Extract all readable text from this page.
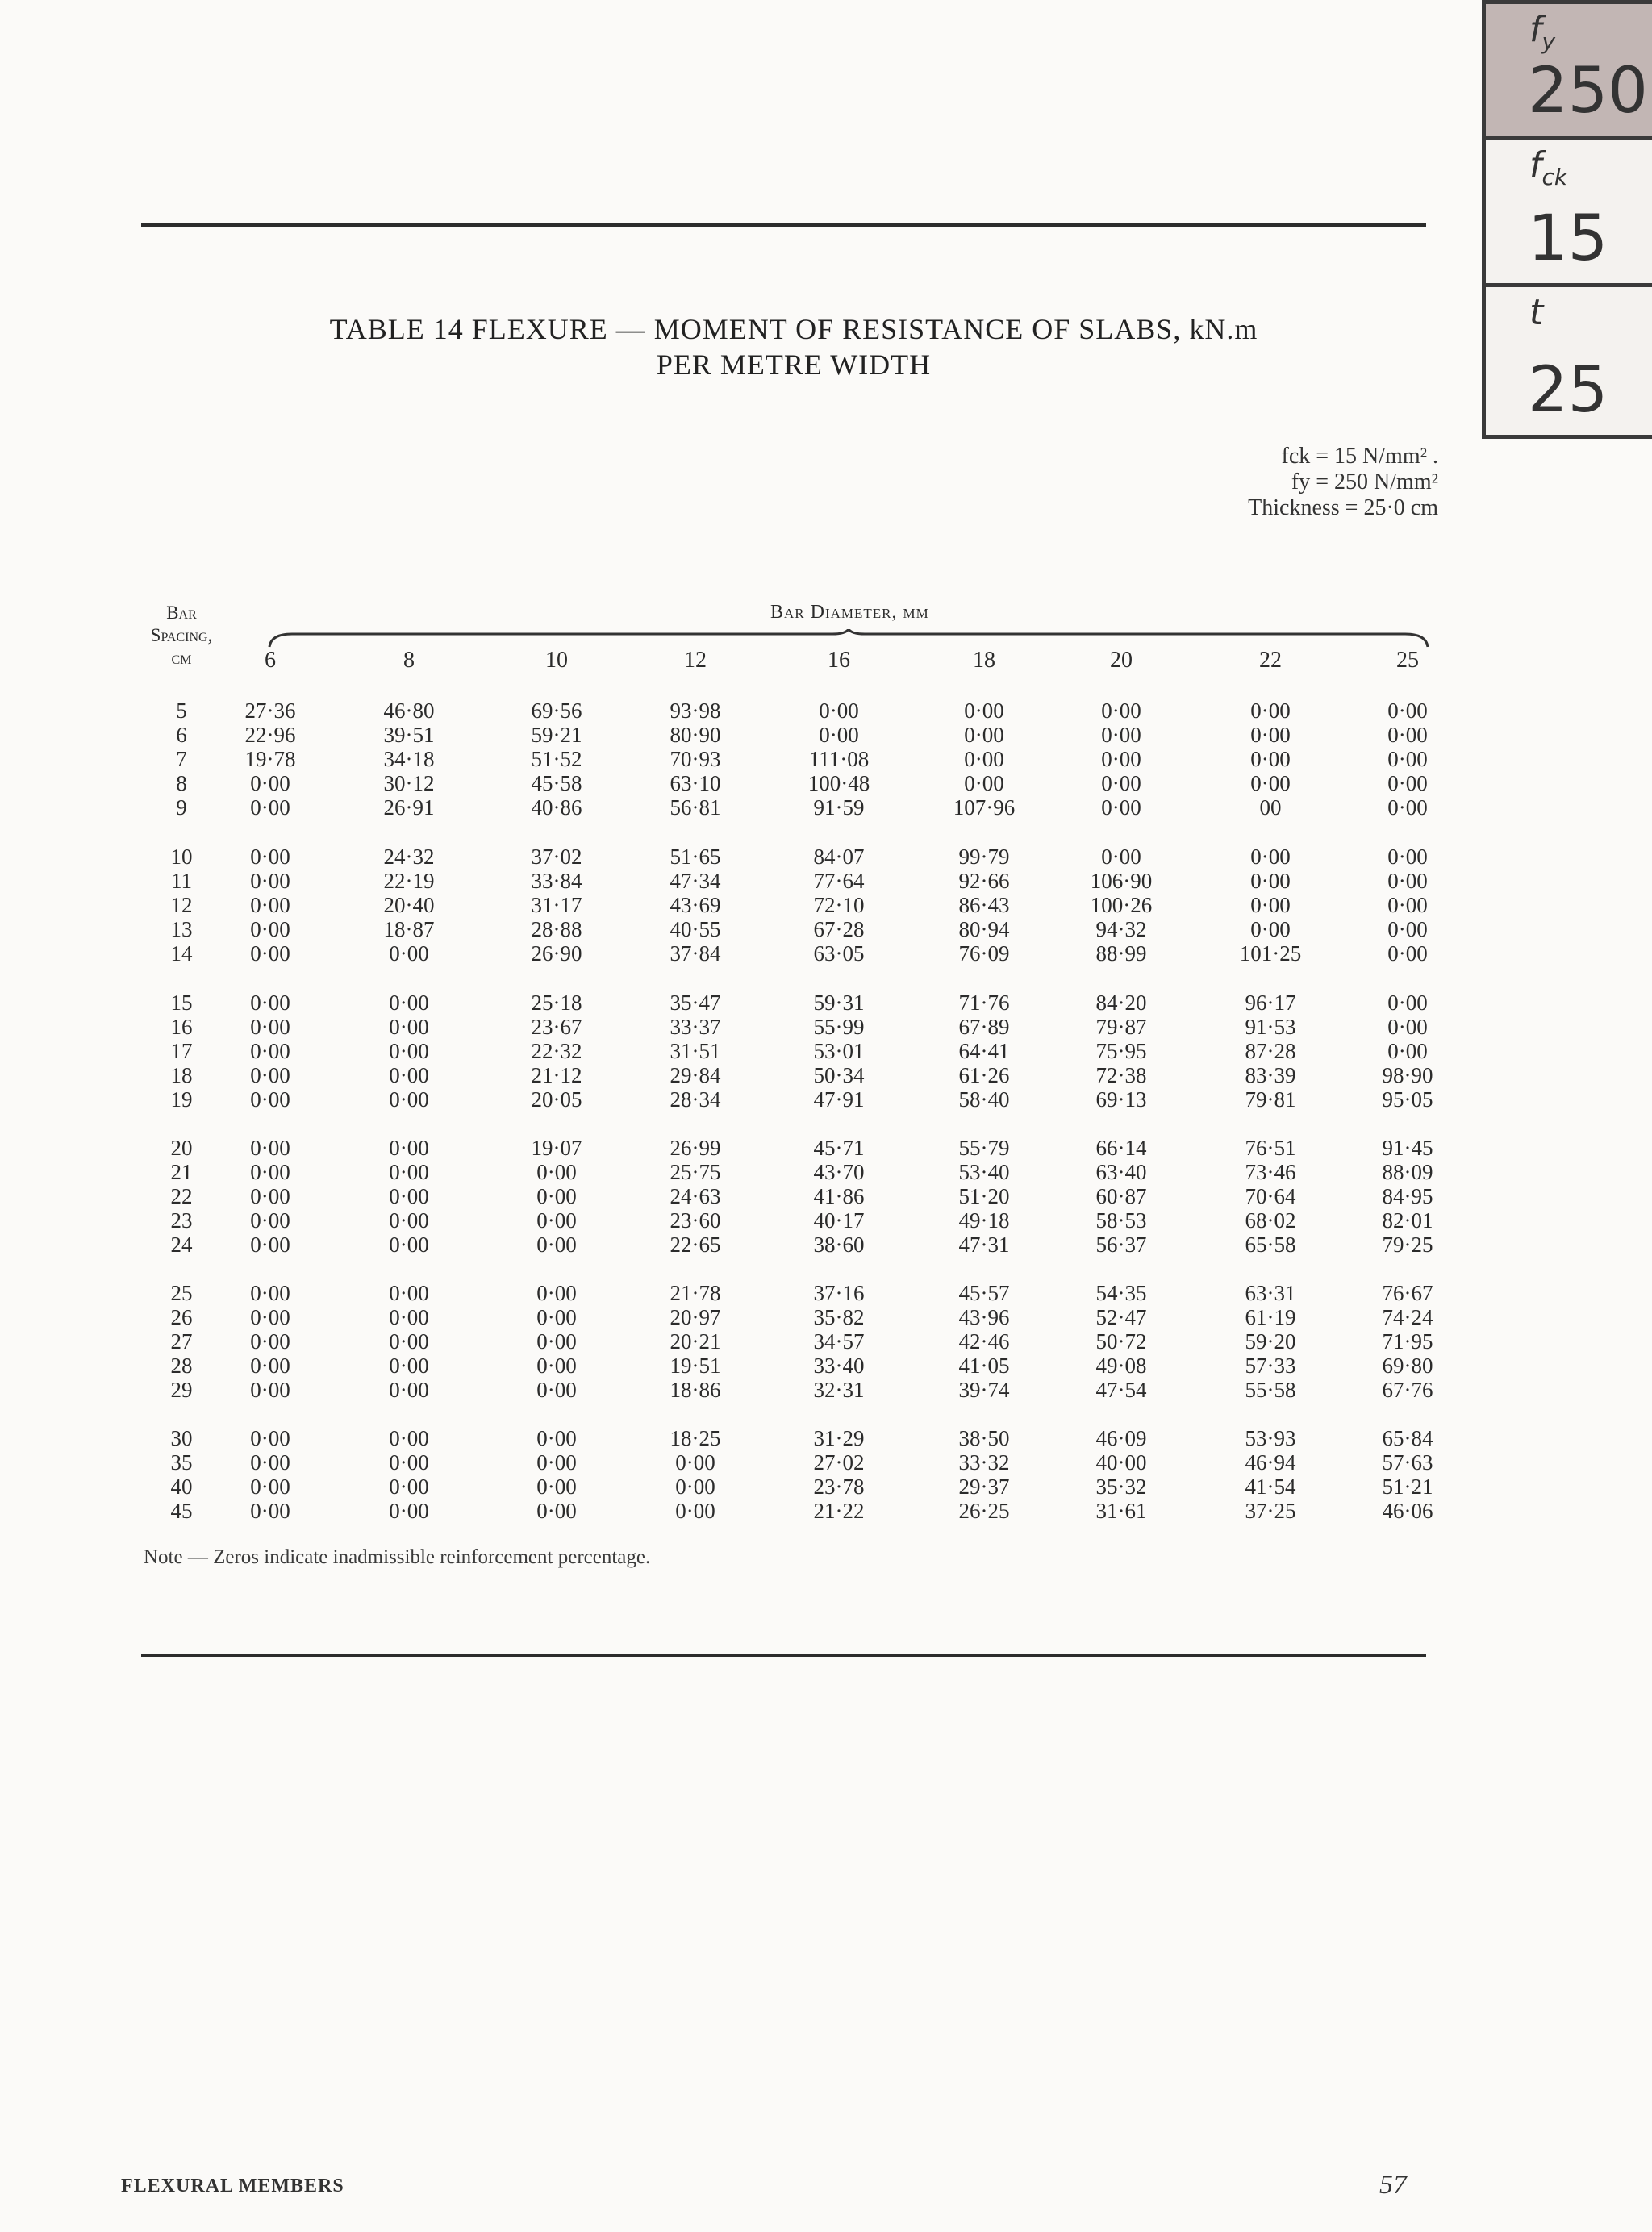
$f_y$
250
$f_{ck}$
15
t
25
TABLE 14 FLEXURE — MOMENT OF RESISTANCE OF SLABS, kN.m
PER METRE WIDTH
fck = 15 N/mm² .
fy = 250 N/mm²
Thickness = 25·0 cm
Bar
Spacing,
cm
Bar Diameter, mm
6	8	10	12	16	18	20	22	25
5	27·36	46·80	69·56	93·98	0·00	0·00	0·00	0·00	0·00
6	22·96	39·51	59·21	80·90	0·00	0·00	0·00	0·00	0·00
7	19·78	34·18	51·52	70·93	111·08	0·00	0·00	0·00	0·00
8	0·00	30·12	45·58	63·10	100·48	0·00	0·00	0·00	0·00
9	0·00	26·91	40·86	56·81	91·59	107·96	0·00	00	0·00
10	0·00	24·32	37·02	51·65	84·07	99·79	0·00	0·00	0·00
11	0·00	22·19	33·84	47·34	77·64	92·66	106·90	0·00	0·00
12	0·00	20·40	31·17	43·69	72·10	86·43	100·26	0·00	0·00
13	0·00	18·87	28·88	40·55	67·28	80·94	94·32	0·00	0·00
14	0·00	0·00	26·90	37·84	63·05	76·09	88·99	101·25	0·00
15	0·00	0·00	25·18	35·47	59·31	71·76	84·20	96·17	0·00
16	0·00	0·00	23·67	33·37	55·99	67·89	79·87	91·53	0·00
17	0·00	0·00	22·32	31·51	53·01	64·41	75·95	87·28	0·00
18	0·00	0·00	21·12	29·84	50·34	61·26	72·38	83·39	98·90
19	0·00	0·00	20·05	28·34	47·91	58·40	69·13	79·81	95·05
20	0·00	0·00	19·07	26·99	45·71	55·79	66·14	76·51	91·45
21	0·00	0·00	0·00	25·75	43·70	53·40	63·40	73·46	88·09
22	0·00	0·00	0·00	24·63	41·86	51·20	60·87	70·64	84·95
23	0·00	0·00	0·00	23·60	40·17	49·18	58·53	68·02	82·01
24	0·00	0·00	0·00	22·65	38·60	47·31	56·37	65·58	79·25
25	0·00	0·00	0·00	21·78	37·16	45·57	54·35	63·31	76·67
26	0·00	0·00	0·00	20·97	35·82	43·96	52·47	61·19	74·24
27	0·00	0·00	0·00	20·21	34·57	42·46	50·72	59·20	71·95
28	0·00	0·00	0·00	19·51	33·40	41·05	49·08	57·33	69·80
29	0·00	0·00	0·00	18·86	32·31	39·74	47·54	55·58	67·76
30	0·00	0·00	0·00	18·25	31·29	38·50	46·09	53·93	65·84
35	0·00	0·00	0·00	0·00	27·02	33·32	40·00	46·94	57·63
40	0·00	0·00	0·00	0·00	23·78	29·37	35·32	41·54	51·21
45	0·00	0·00	0·00	0·00	21·22	26·25	31·61	37·25	46·06
Note — Zeros indicate inadmissible reinforcement percentage.
FLEXURAL MEMBERS	57
